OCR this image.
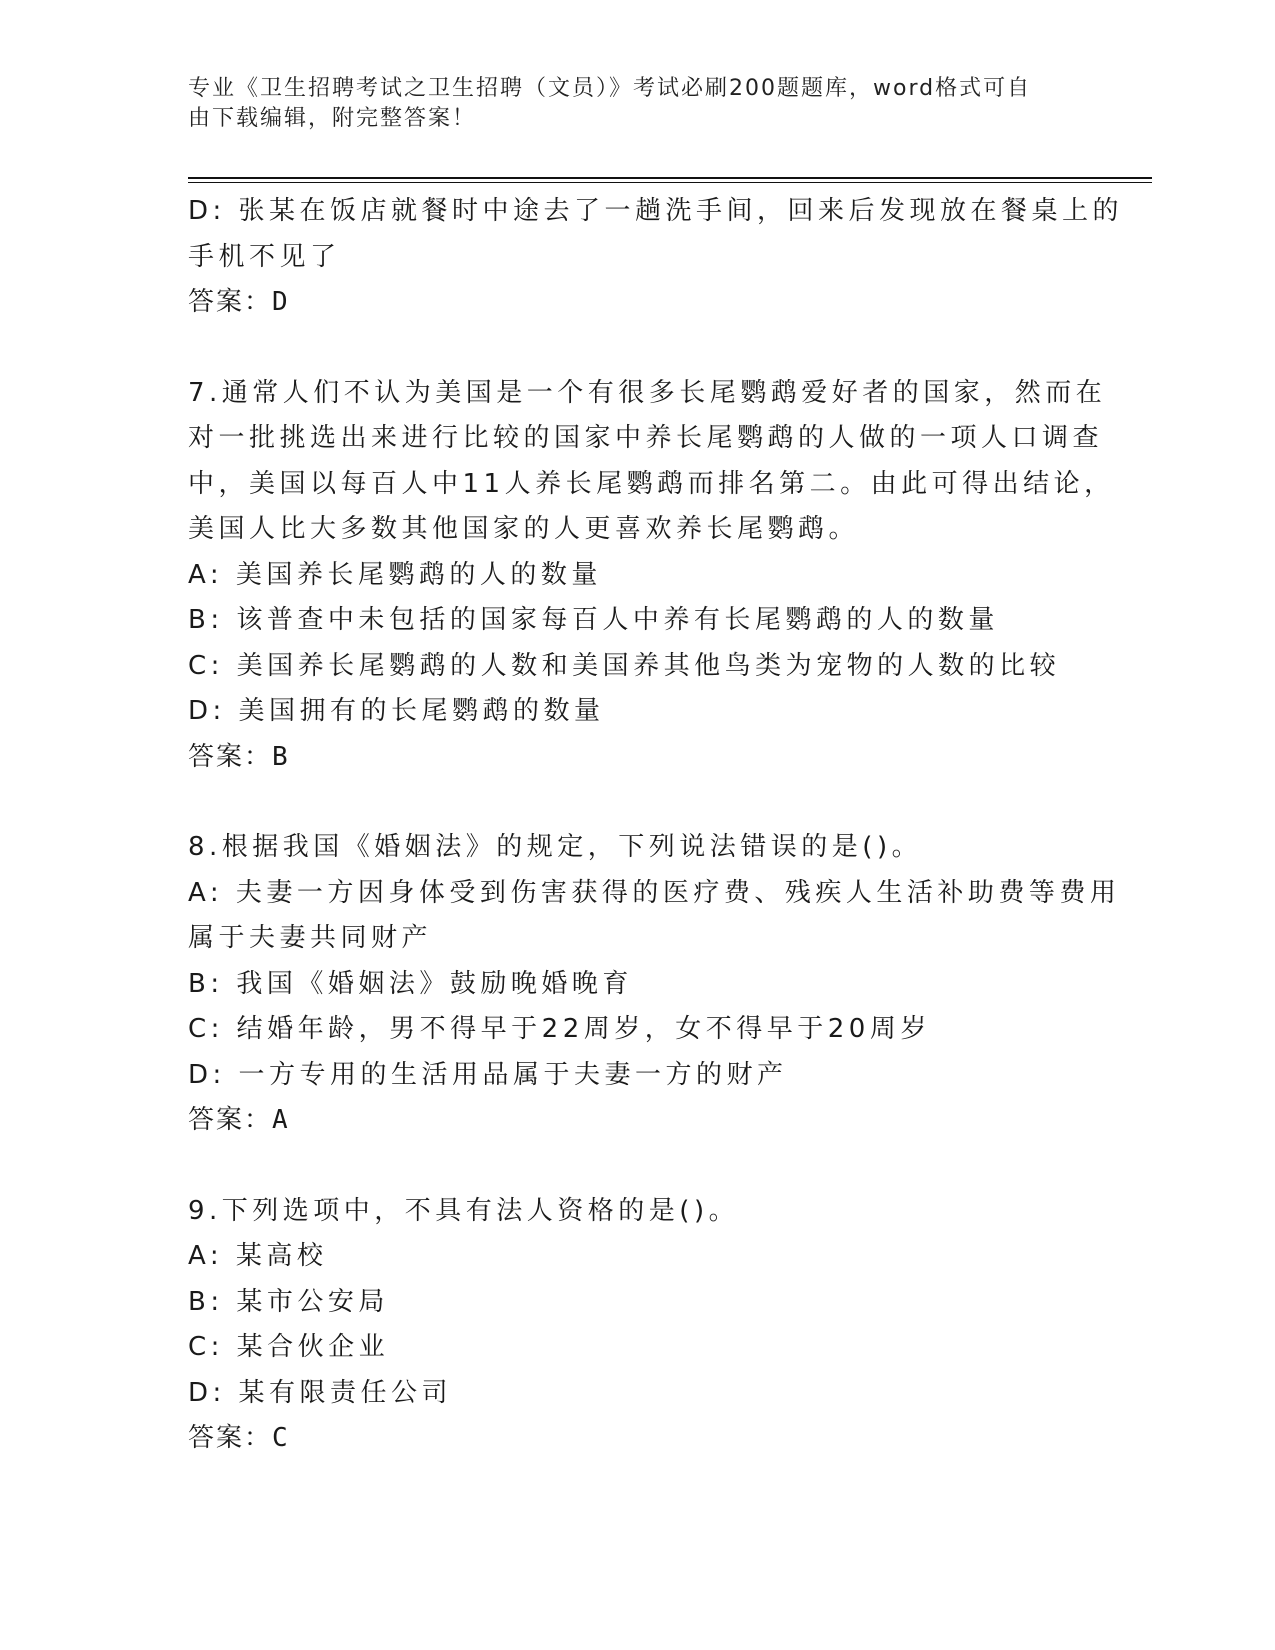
专业《卫生招聘考试之卫生招聘（文员）》考试必刷200题题库，word格式可自
由下载编辑，附完整答案！

D: 张某在饭店就餐时中途去了一趟洗手间，回来后发现放在餐桌上的

手机不见了

答案：D

7.通常人们不认为美国是一个有很多长尾鹦鹉爱好者的国家，然而在

对一批挑选出来进行比较的国家中养长尾鹦鹉的人做的一项人口调查

中，美国以每百人中11人养长尾鹦鹉而排名第二。由此可得出结论，

美国人比大多数其他国家的人更喜欢养长尾鹦鹉。

A: 美国养长尾鹦鹉的人的数量

B: 该普查中未包括的国家每百人中养有长尾鹦鹉的人的数量

C: 美国养长尾鹦鹉的人数和美国养其他鸟类为宠物的人数的比较

D: 美国拥有的长尾鹦鹉的数量

答案：B

8.根据我国《婚姻法》的规定，下列说法错误的是()。

A: 夫妻一方因身体受到伤害获得的医疗费、残疾人生活补助费等费用

属于夫妻共同财产

B: 我国《婚姻法》鼓励晚婚晚育

C: 结婚年龄，男不得早于22周岁，女不得早于20周岁

D: 一方专用的生活用品属于夫妻一方的财产

答案：A

9.下列选项中，不具有法人资格的是()。

A: 某高校

B: 某市公安局

C: 某合伙企业

D: 某有限责任公司

答案：C
